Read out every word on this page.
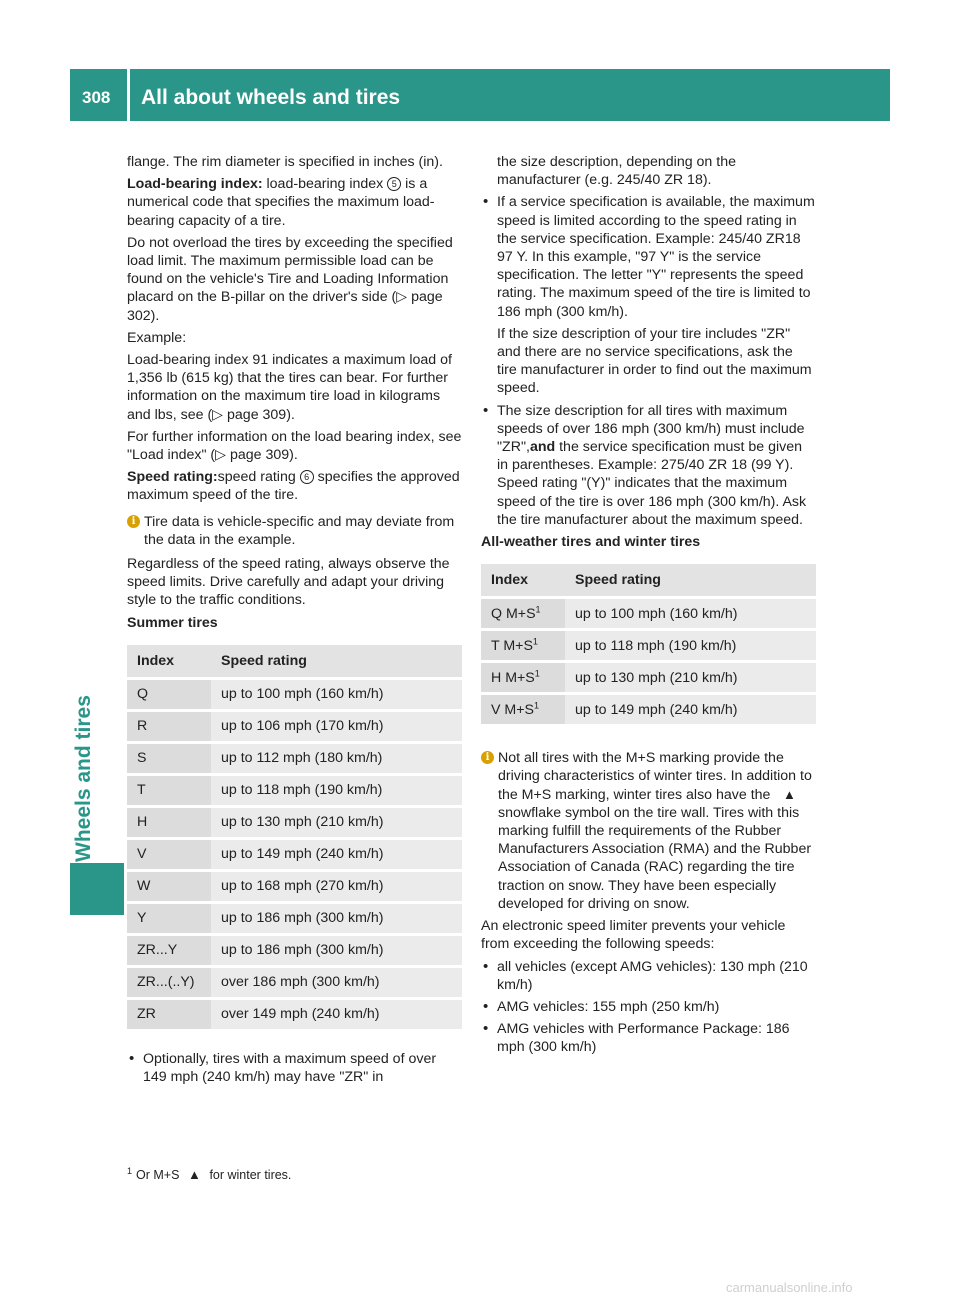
308 All about wheels and tires
Wheels and tires

flange. The rim diameter is specified in inches (in).

Load-bearing index: load-bearing index 5 is a numerical code that specifies the maximum load-bearing capacity of a tire.

Do not overload the tires by exceeding the specified load limit. The maximum permissible load can be found on the vehicle's Tire and Loading Information placard on the B-pillar on the driver's side (▷ page 302).

Example:

Load-bearing index 91 indicates a maximum load of 1,356 lb (615 kg) that the tires can bear. For further information on the maximum tire load in kilograms and lbs, see (▷ page 309).

For further information on the load bearing index, see "Load index" (▷ page 309).

Speed rating:speed rating 6 specifies the approved maximum speed of the tire.

i Tire data is vehicle-specific and may deviate from the data in the example.

Regardless of the speed rating, always observe the speed limits. Drive carefully and adapt your driving style to the traffic conditions.

Summer tires

Index	Speed rating
Q	up to 100 mph (160 km/h)
R	up to 106 mph (170 km/h)
S	up to 112 mph (180 km/h)
T	up to 118 mph (190 km/h)
H	up to 130 mph (210 km/h)
V	up to 149 mph (240 km/h)
W	up to 168 mph (270 km/h)
Y	up to 186 mph (300 km/h)
ZR...Y	up to 186 mph (300 km/h)
ZR...(..Y)	over 186 mph (300 km/h)
ZR	over 149 mph (240 km/h)

• Optionally, tires with a maximum speed of over 149 mph (240 km/h) may have "ZR" in

the size description, depending on the manufacturer (e.g. 245/40 ZR 18).

• If a service specification is available, the maximum speed is limited according to the speed rating in the service specification. Example: 245/40 ZR18 97 Y. In this example, "97 Y" is the service specification. The letter "Y" represents the speed rating. The maximum speed of the tire is limited to 186 mph (300 km/h).

If the size description of your tire includes "ZR" and there are no service specifications, ask the tire manufacturer in order to find out the maximum speed.

• The size description for all tires with maximum speeds of over 186 mph (300 km/h) must include "ZR",and the service specification must be given in parentheses. Example: 275/40 ZR 18 (99 Y). Speed rating "(Y)" indicates that the maximum speed of the tire is over 186 mph (300 km/h). Ask the tire manufacturer about the maximum speed.

All-weather tires and winter tires

Index	Speed rating
Q $M+S^1$	up to 100 mph (160 km/h)
T $M+S^1$	up to 118 mph (190 km/h)
H $M+S^1$	up to 130 mph (210 km/h)
V $M+S^1$	up to 149 mph (240 km/h)
i Not all tires with the M+S marking provide the driving characteristics of winter tires. In addition to the M+S marking, winter tires also have the ▲ snowflake symbol on the tire wall. Tires with this marking fulfill the requirements of the Rubber Manufacturers Association (RMA) and the Rubber Association of Canada (RAC) regarding the tire traction on snow. They have been especially developed for driving on snow.

An electronic speed limiter prevents your vehicle from exceeding the following speeds:

• all vehicles (except AMG vehicles): 130 mph (210 km/h)

• AMG vehicles: 155 mph (250 km/h)

• AMG vehicles with Performance Package: 186 mph (300 km/h)

$^1$ Or M+S ▲ for winter tires.
carmanualsonline.info
